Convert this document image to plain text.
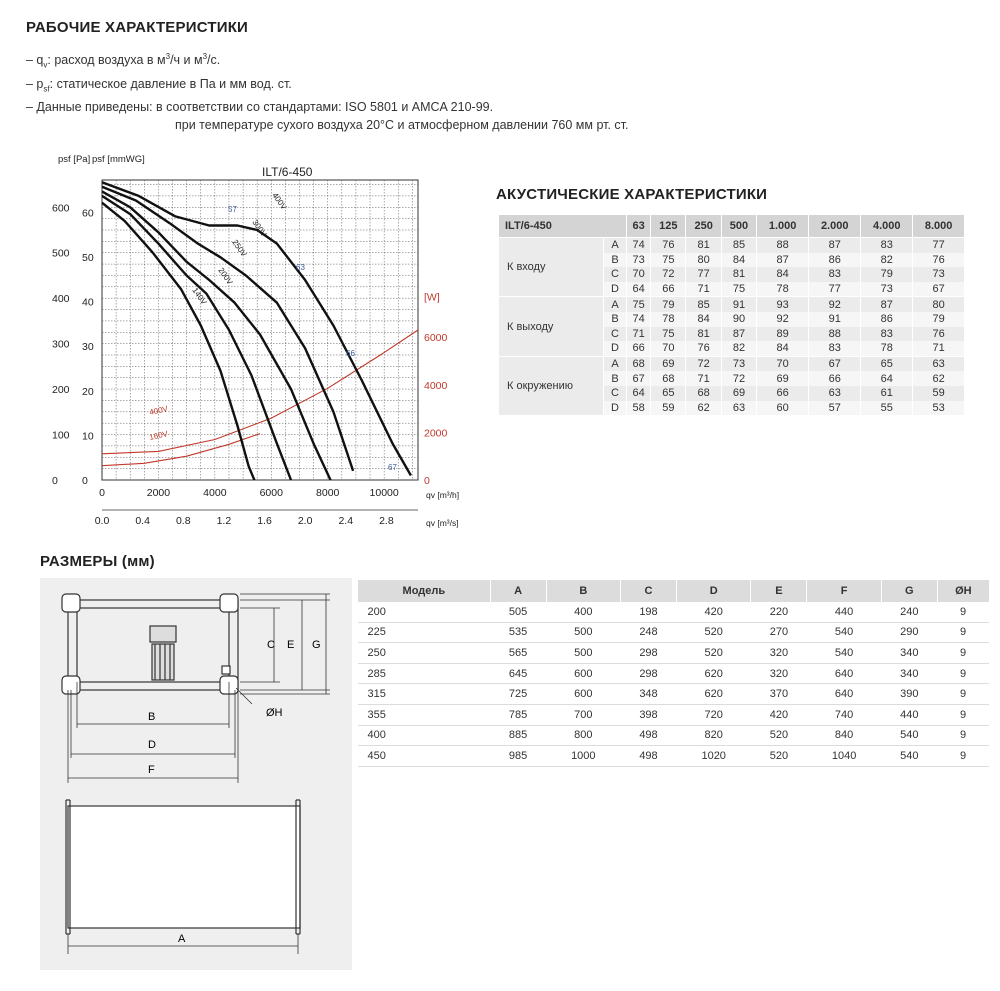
РАБОЧИЕ ХАРАКТЕРИСТИКИ
– $q_v$: расход воздуха в $м^3/ч$ и $м^3/с$.
– $p_{sf}$: статическое давление в Па и мм вод. ст.
– Данные приведены: в соответствии со стандартами: ISO 5801 и AMCA 210-99.
при температуре сухого воздуха 20°C и атмосферном давлении 760 мм рт. ст.
0
100
200
300
400
500
600
0
10
20
30
40
50
60
0
2000
4000
6000
[W]
0	2000	4000	6000	8000	10000
0.0 0.4 0.8 1.2 1.6 2.0 2.4 2.8
psf [Pa] psf [mmWG]
ILT/6-450
qv [m³/h]
qv [m³/s]
400V
300V
250V
200V
140V
400V
160V
57
63
66
67
АКУСТИЧЕСКИЕ ХАРАКТЕРИСТИКИ
ILT/6-450		63	125	250	500	1.000	2.000	4.000	8.000
К входу	A	74	76	81	85	88	87	83	77
	B	73	75	80	84	87	86	82	76
	C	70	72	77	81	84	83	79	73
	D	64	66	71	75	78	77	73	67
К выходу	A	75	79	85	91	93	92	87	80
	B	74	78	84	90	92	91	86	79
	C	71	75	81	87	89	88	83	76
	D	66	70	76	82	84	83	78	71
К окружению	A	68	69	72	73	70	67	65	63
	B	67	68	71	72	69	66	64	62
	C	64	65	68	69	66	63	61	59
	D	58	59	62	63	60	57	55	53
РАЗМЕРЫ (мм)
C E G
B
D
F
ØH
A
Модель	A	B	C	D	E	F	G	ØH
200	505	400	198	420	220	440	240	9
225	535	500	248	520	270	540	290	9
250	565	500	298	520	320	540	340	9
285	645	600	298	620	320	640	340	9
315	725	600	348	620	370	640	390	9
355	785	700	398	720	420	740	440	9
400	885	800	498	820	520	840	540	9
450	985	1000	498	1020	520	1040	540	9
